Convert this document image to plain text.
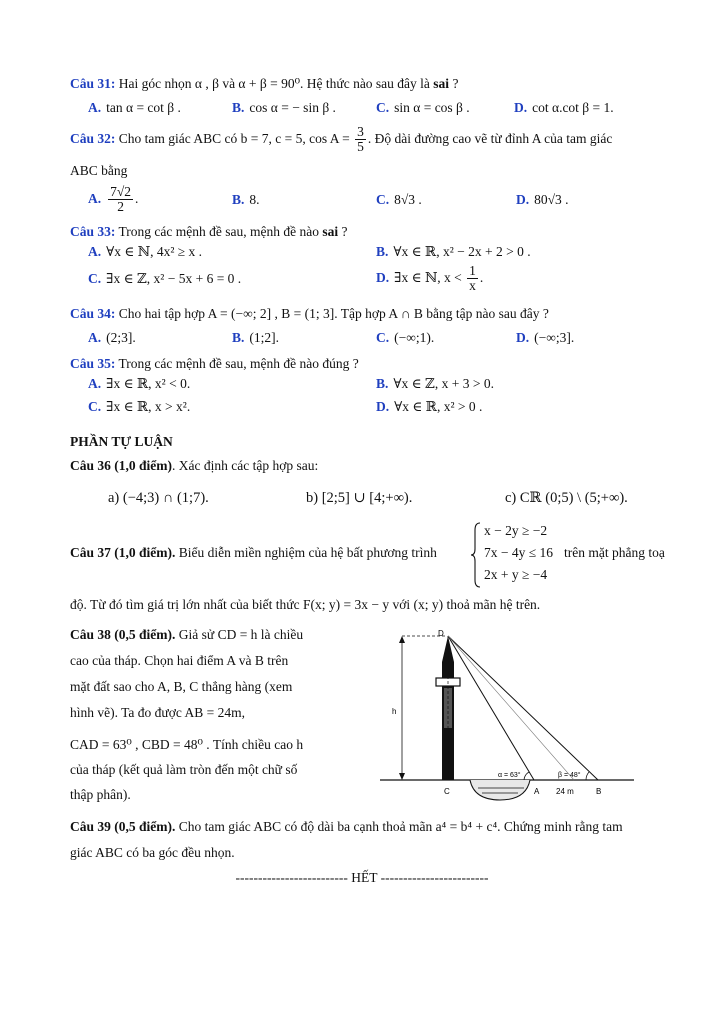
Câu 31: Hai góc nhọn α , β và α + β = 90⁰. Hệ thức nào sau đây là sai ?
A. tan α = cot β .	B. cos α = − sin β .	C. sin α = cos β .	D. cot α.cot β = 1.
Câu 32: Cho tam giác ABC có b = 7, c = 5, $\cos A = \frac{3}{5}$ . Độ dài đường cao vẽ từ đỉnh A của tam giác
ABC bằng
A. $\frac{7√2}{2}$ .	B. 8.	C. 8√3 .	D. 80√3 .
Câu 33: Trong các mệnh đề sau, mệnh đề nào sai ?
A. ∀x ∈ ℕ, 4x² ≥ x .	B. ∀x ∈ ℝ, x² − 2x + 2 > 0 .
C. ∃x ∈ ℤ, x² − 5x + 6 = 0 .	D. ∃x ∈ ℕ, $x < \frac{1}{x}$ .
Câu 34: Cho hai tập hợp A = (−∞; 2] , B = (1; 3]. Tập hợp A ∩ B bằng tập nào sau đây ?
A. (2;3].	B. (1;2].	C. (−∞;1).	D. (−∞;3].
Câu 35: Trong các mệnh đề sau, mệnh đề nào đúng ?
A. ∃x ∈ ℝ, x² < 0.	B. ∀x ∈ ℤ, x + 3 > 0.
C. ∃x ∈ ℝ, x > x².	D. ∀x ∈ ℝ, x² > 0 .
PHẦN TỰ LUẬN
Câu 36 (1,0 điểm). Xác định các tập hợp sau:
a) (−4;3) ∩ (1;7).	b) [2;5] ∪ [4;+∞).	c) Cℝ (0;5) \ (5;+∞).
Câu 37 (1,0 điểm). Biểu diễn miền nghiệm của hệ bất phương trình
x − 2y ≥ −2
7x − 4y ≤ 16
2x + y ≥ −4
trên mặt phẳng toạ
độ. Từ đó tìm giá trị lớn nhất của biết thức F(x; y) = 3x − y với (x; y) thoả mãn hệ trên.
Câu 38 (0,5 điểm). Giả sử CD = h là chiều
cao của tháp. Chọn hai điểm A và B trên
mặt đất sao cho A, B, C thẳng hàng (xem
hình vẽ). Ta đo được AB = 24m,
CAD = 63⁰ , CBD = 48⁰ . Tính chiều cao h
của tháp (kết quả làm tròn đến một chữ số
thập phân).
D
h
C	A	B
α = 63°	β = 48°
24 m
Câu 39 (0,5 điểm). Cho tam giác ABC có độ dài ba cạnh thoả mãn a⁴ = b⁴ + c⁴. Chứng minh rằng tam
giác ABC có ba góc đều nhọn.
------------------------- HẾT ------------------------
